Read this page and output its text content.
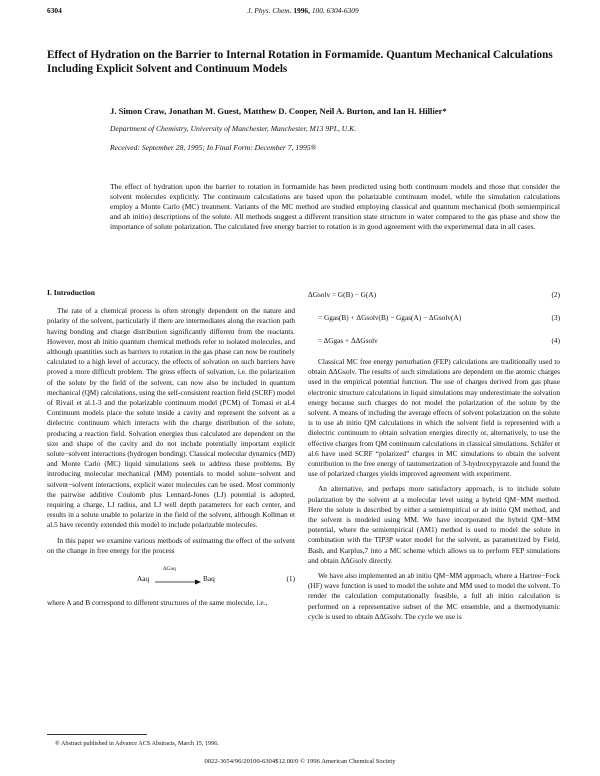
6304	J. Phys. Chem. 1996, 100, 6304-6309
Effect of Hydration on the Barrier to Internal Rotation in Formamide. Quantum Mechanical Calculations Including Explicit Solvent and Continuum Models
J. Simon Craw, Jonathan M. Guest, Matthew D. Cooper, Neil A. Burton, and Ian H. Hillier*
Department of Chemistry, University of Manchester, Manchester, M13 9PL, U.K.
Received: September 28, 1995; In Final Form: December 7, 1995®
The effect of hydration upon the barrier to rotation in formamide has been predicted using both continuum models and those that consider the solvent molecules explicitly. The continuum calculations are based upon the polarizable continuum model, while the simulation calculations employ a Monte Carlo (MC) treatment. Variants of the MC method are studied employing classical and quantum mechanical (both semiempirical and ab initio) descriptions of the solute. All methods suggest a different transition state structure in water compared to the gas phase and show the importance of solute polarization. The calculated free energy barrier to rotation is in good agreement with the experimental data in all cases.
I. Introduction

The rate of a chemical process is often strongly dependent on the nature and polarity of the solvent, particularly if there are intermediates along the reaction path having bonding and charge distribution significantly different from the reactants. However, most ab initio quantum chemical methods refer to isolated molecules, and although quantities such as barriers to rotation in the gas phase can now be routinely calculated to a high level of accuracy, the effects of solvation on such barriers have proved a more difficult problem. The gross effects of solvation, i.e. the polarization of the solute by the field of the solvent, can now also be included in quantum mechanical (QM) calculations, using the self-consistent reaction field (SCRF) model of Rivail et al.1-3 and the polarizable continuum model (PCM) of Tomasi et al.4 Continuum models place the solute inside a cavity and represent the solvent as a dielectric continuum which interacts with the charge distribution of the solute, producing a reaction field. Solvation energies thus calculated are dependent on the size and shape of the cavity and do not include potentially important explicit solute−solvent interactions (hydrogen bonding). Classical molecular dynamics (MD) and Monte Carlo (MC) liquid simulations seek to address these problems. By introducing molecular mechanical (MM) potentials to model solute−solvent and solvent−solvent interactions, explicit water molecules can be used. Most commonly the pairwise additive Coulomb plus Lennard-Jones (LJ) potential is adopted, requiring a charge, LJ radius, and LJ well depth parameters for each center, and results in a solute unable to polarize in the field of the solvent, although Kollman et al.5 have recently extended this model to include polarizable molecules.

In this paper we examine various methods of estimating the effect of the solvent on the change in free energy for the process

Aaq
ΔGaq
Baq	(1)

where A and B correspond to different structures of the same molecule, i.e.,

ΔGsolv = G(B) − G(A)	(2)
= Ggas(B) + ΔGsolv(B) − Ggas(A) − ΔGsolv(A)	(3)
= ΔGgas + ΔΔGsolv	(4)

Classical MC free energy perturbation (FEP) calculations are traditionally used to obtain ΔΔGsolv. The results of such simulations are dependent on the atomic charges used in the empirical potential function. The use of charges derived from gas phase electronic structure calculations in liquid simulations may underestimate the solvation energy because such charges do not model the polarization of the solute by the solvent. A means of including the average effects of solvent polarization on the solute is to use ab initio QM calculations in which the solvent field is represented with a dielectric continuum to obtain solvation energies directly or, alternatively, to use the effective charges from QM continuum calculations in classical simulations. Schäfer et al.6 have used SCRF “polarized” charges in MC simulations to obtain the solvent contribution to the free energy of tautomerization of 3-hydroxypyrazole and found the use of polarized charges yields improved agreement with experiment.

An alternative, and perhaps more satisfactory approach, is to include solute polarization by the solvent at a molecular level using a hybrid QM−MM method. Here the solute is described by either a semiempirical or ab initio QM method, and the solvent is modeled using MM. We have incorporated the hybrid QM−MM potential, where the semiempirical (AM1) method is used to model the solute in combination with the TIP3P water model for the solvent, as parametrized by Field, Bash, and Karplus,7 into a MC scheme which allows us to perform FEP simulations and obtain ΔΔGsolv directly.

We have also implemented an ab initio QM−MM approach, where a Hartree−Fock (HF) wave function is used to model the solute and MM used to model the solvent. To render the calculation computationally feasible, a full ab initio calculation is performed on a representative subset of the MC ensemble, and a thermodynamic cycle is used to obtain ΔΔGsolv. The cycle we use is

® Abstract published in Advance ACS Abstracts, March 15, 1996.
0022-3654/96/20100-6304$12.00/0 © 1996 American Chemical Society
